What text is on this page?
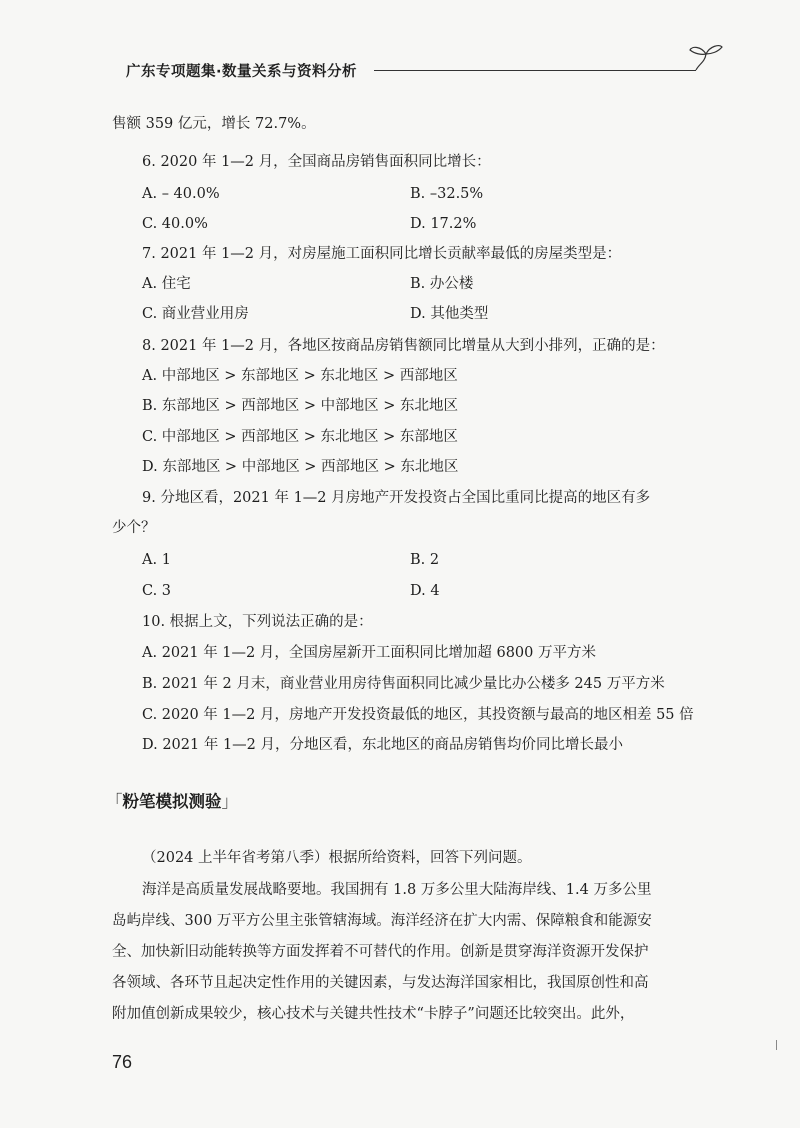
广东专项题集·数量关系与资料分析
售额 359 亿元，增长 72.7%。
6. 2020 年 1—2 月，全国商品房销售面积同比增长：
A. – 40.0%	B. –32.5%
C. 40.0%	D. 17.2%
7. 2021 年 1—2 月，对房屋施工面积同比增长贡献率最低的房屋类型是：
A. 住宅	B. 办公楼
C. 商业营业用房	D. 其他类型
8. 2021 年 1—2 月，各地区按商品房销售额同比增量从大到小排列，正确的是：
A. 中部地区 > 东部地区 > 东北地区 > 西部地区
B. 东部地区 > 西部地区 > 中部地区 > 东北地区
C. 中部地区 > 西部地区 > 东北地区 > 东部地区
D. 东部地区 > 中部地区 > 西部地区 > 东北地区
9. 分地区看，2021 年 1—2 月房地产开发投资占全国比重同比提高的地区有多
少个？
A. 1	B. 2
C. 3	D. 4
10. 根据上文，下列说法正确的是：
A. 2021 年 1—2 月，全国房屋新开工面积同比增加超 6800 万平方米
B. 2021 年 2 月末，商业营业用房待售面积同比减少量比办公楼多 245 万平方米
C. 2020 年 1—2 月，房地产开发投资最低的地区，其投资额与最高的地区相差 55 倍
D. 2021 年 1—2 月，分地区看，东北地区的商品房销售均价同比增长最小
「粉笔模拟测验」
（2024 上半年省考第八季）根据所给资料，回答下列问题。
海洋是高质量发展战略要地。我国拥有 1.8 万多公里大陆海岸线、1.4 万多公里
岛屿岸线、300 万平方公里主张管辖海域。海洋经济在扩大内需、保障粮食和能源安
全、加快新旧动能转换等方面发挥着不可替代的作用。创新是贯穿海洋资源开发保护
各领域、各环节且起决定性作用的关键因素，与发达海洋国家相比，我国原创性和高
附加值创新成果较少，核心技术与关键共性技术“卡脖子”问题还比较突出。此外，
76
